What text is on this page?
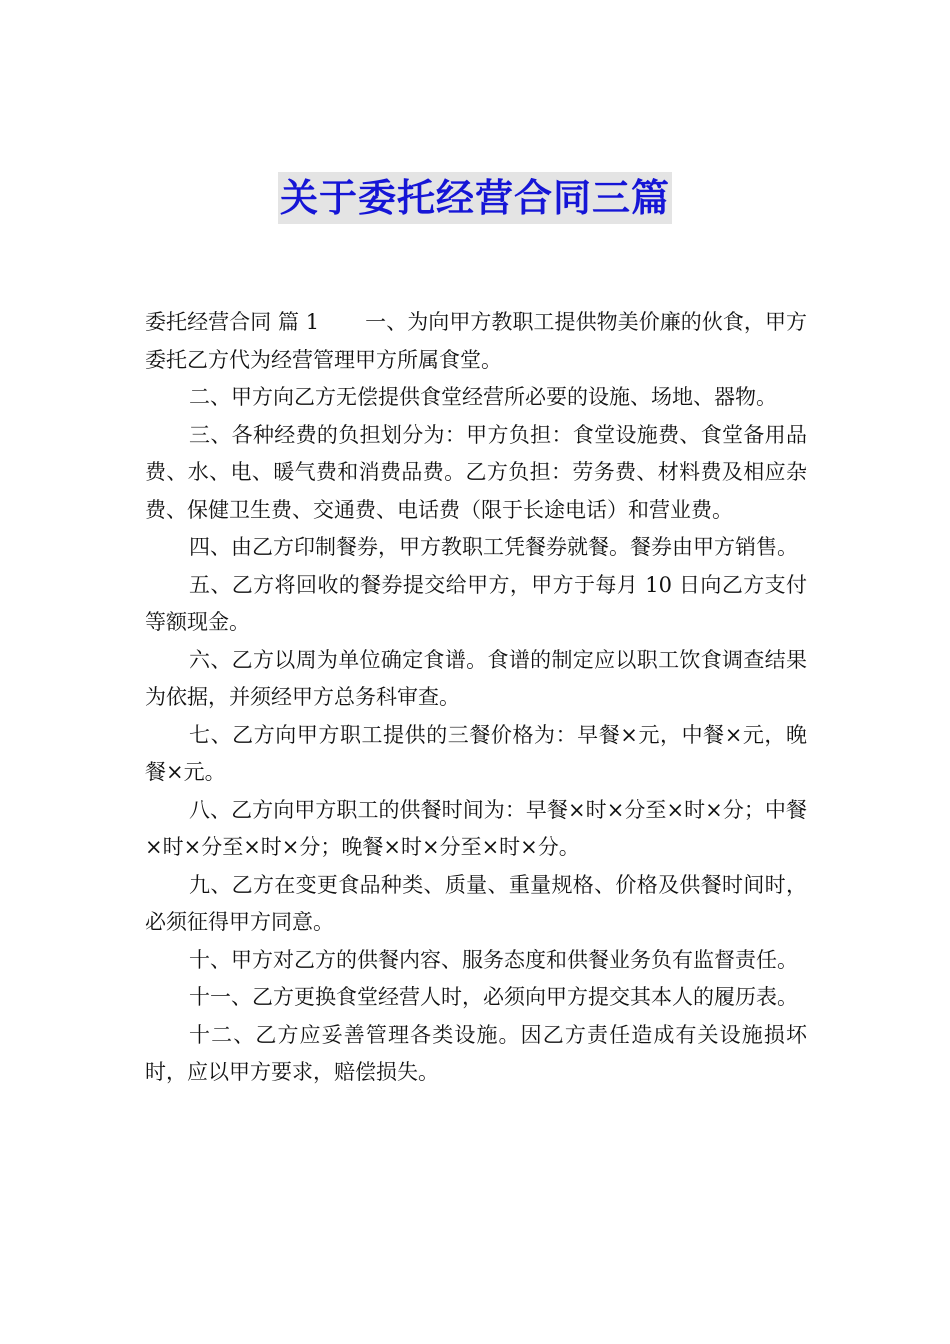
关于委托经营合同三篇

委托经营合同 篇 1 一、为向甲方教职工提供物美价廉的伙食，甲方委托乙方代为经营管理甲方所属食堂。

二、甲方向乙方无偿提供食堂经营所必要的设施、场地、器物。

三、各种经费的负担划分为：甲方负担：食堂设施费、食堂备用品费、水、电、暖气费和消费品费。乙方负担：劳务费、材料费及相应杂费、保健卫生费、交通费、电话费（限于长途电话）和营业费。

四、由乙方印制餐券，甲方教职工凭餐券就餐。餐券由甲方销售。

五、乙方将回收的餐券提交给甲方，甲方于每月 10 日向乙方支付等额现金。

六、乙方以周为单位确定食谱。食谱的制定应以职工饮食调查结果为依据，并须经甲方总务科审查。

七、乙方向甲方职工提供的三餐价格为：早餐×元，中餐×元，晚餐×元。

八、乙方向甲方职工的供餐时间为：早餐×时×分至×时×分；中餐×时×分至×时×分；晚餐×时×分至×时×分。

九、乙方在变更食品种类、质量、重量规格、价格及供餐时间时，必须征得甲方同意。

十、甲方对乙方的供餐内容、服务态度和供餐业务负有监督责任。

十一、乙方更换食堂经营人时，必须向甲方提交其本人的履历表。

十二、乙方应妥善管理各类设施。因乙方责任造成有关设施损坏时，应以甲方要求，赔偿损失。
